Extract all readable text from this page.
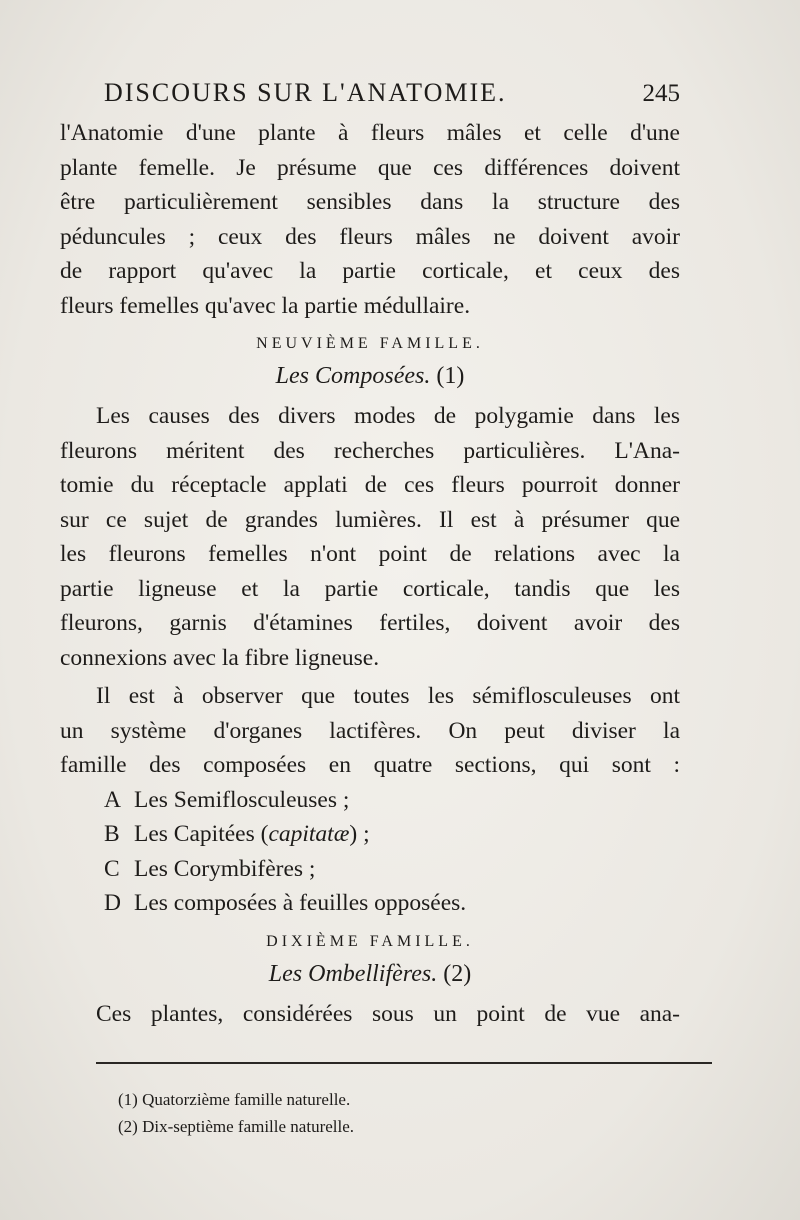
DISCOURS SUR L'ANATOMIE.	245

l'Anatomie d'une plante à fleurs mâles et celle d'une
plante femelle. Je présume que ces différences doivent
être particulièrement sensibles dans la structure des
péduncules ; ceux des fleurs mâles ne doivent avoir
de rapport qu'avec la partie corticale, et ceux des
fleurs femelles qu'avec la partie médullaire.

NEUVIÈME FAMILLE.
Les Composées. (1)

Les causes des divers modes de polygamie dans les
fleurons méritent des recherches particulières. L'Ana-
tomie du réceptacle applati de ces fleurs pourroit donner
sur ce sujet de grandes lumières. Il est à présumer que
les fleurons femelles n'ont point de relations avec la
partie ligneuse et la partie corticale, tandis que les
fleurons, garnis d'étamines fertiles, doivent avoir des
connexions avec la fibre ligneuse.

Il est à observer que toutes les sémiflosculeuses ont
un système d'organes lactifères. On peut diviser la
famille des composées en quatre sections, qui sont :

A Les Semiflosculeuses ;
B Les Capitées (capitatæ) ;
C Les Corymbifères ;
D Les composées à feuilles opposées.
DIXIÈME FAMILLE.
Les Ombellifères. (2)

Ces plantes, considérées sous un point de vue ana-

(1) Quatorzième famille naturelle.
(2) Dix-septième famille naturelle.
